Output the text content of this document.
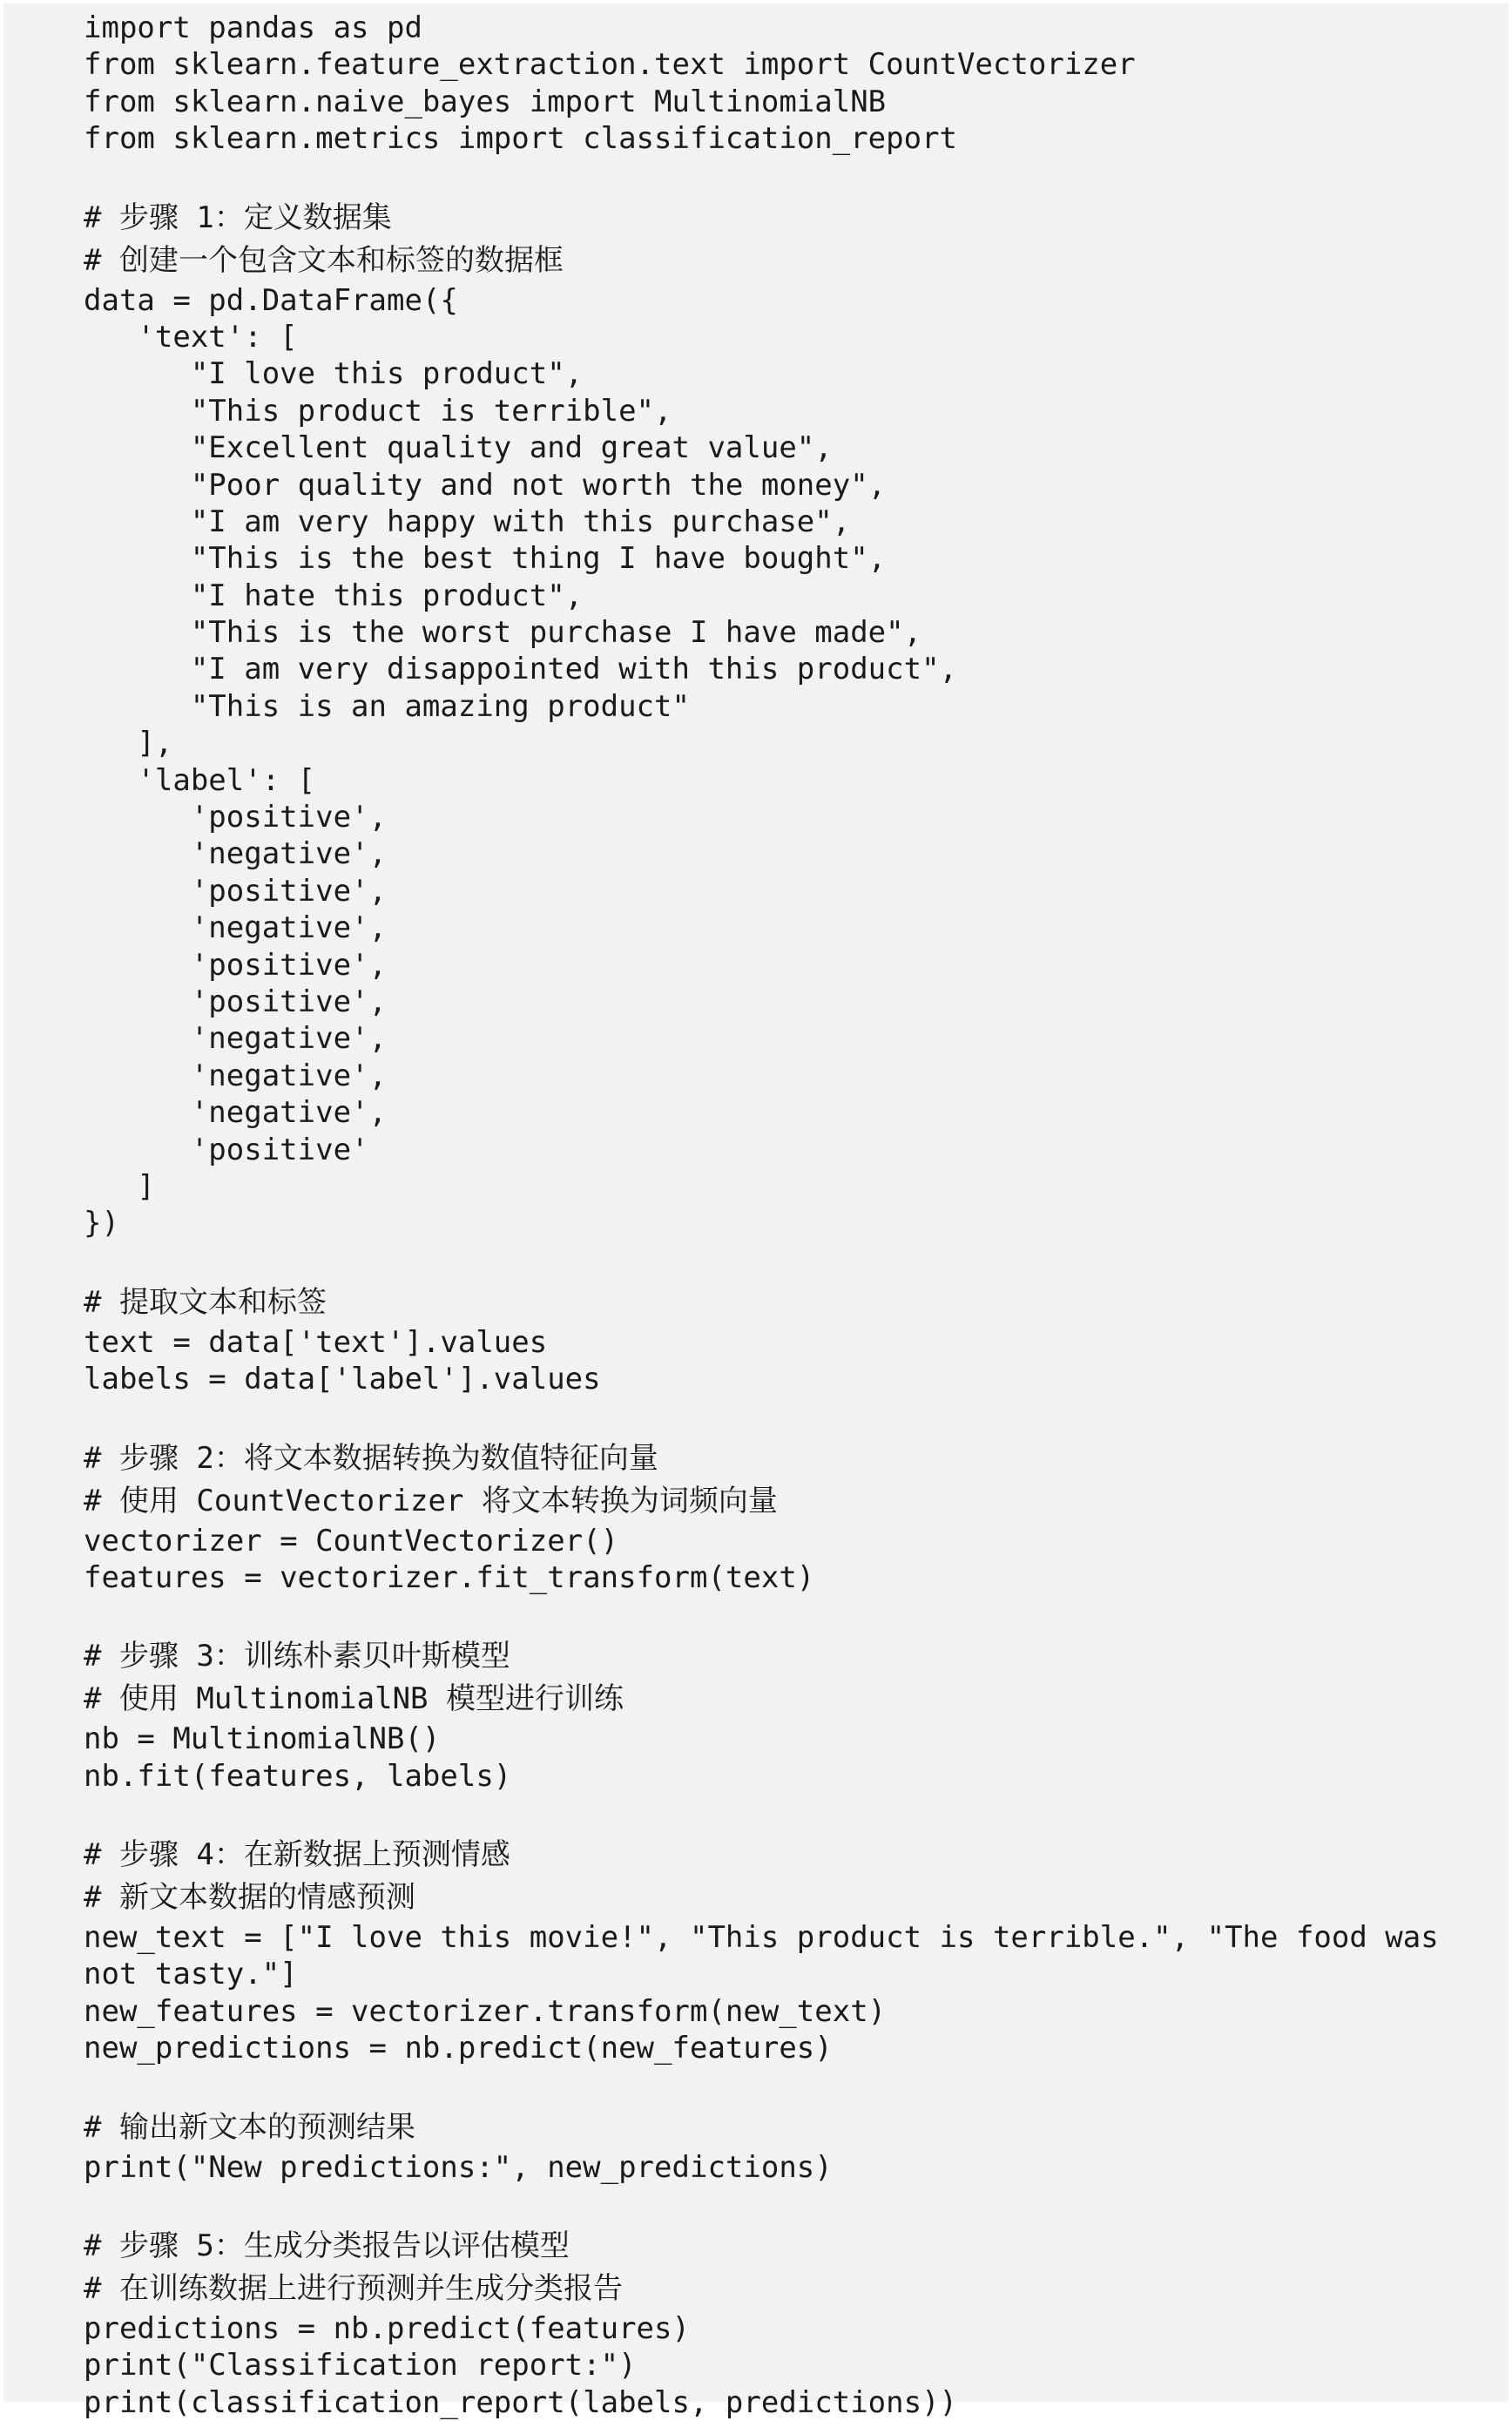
import pandas as pd
from sklearn.feature_extraction.text import CountVectorizer
from sklearn.naive_bayes import MultinomialNB
from sklearn.metrics import classification_report
# 步骤 1：定义数据集
# 创建一个包含文本和标签的数据框
data = pd.DataFrame({
'text': [
"I love this product",
"This product is terrible",
"Excellent quality and great value",
"Poor quality and not worth the money",
"I am very happy with this purchase",
"This is the best thing I have bought",
"I hate this product",
"This is the worst purchase I have made",
"I am very disappointed with this product",
"This is an amazing product"
],
'label': [
'positive',
'negative',
'positive',
'negative',
'positive',
'positive',
'negative',
'negative',
'negative',
'positive'
]
})
# 提取文本和标签
text = data['text'].values
labels = data['label'].values
# 步骤 2：将文本数据转换为数值特征向量
# 使用 CountVectorizer 将文本转换为词频向量
vectorizer = CountVectorizer()
features = vectorizer.fit_transform(text)
# 步骤 3：训练朴素贝叶斯模型
# 使用 MultinomialNB 模型进行训练
nb = MultinomialNB()
nb.fit(features, labels)
# 步骤 4：在新数据上预测情感
# 新文本数据的情感预测
new_text = ["I love this movie!", "This product is terrible.", "The food was
not tasty."]
new_features = vectorizer.transform(new_text)
new_predictions = nb.predict(new_features)
# 输出新文本的预测结果
print("New predictions:", new_predictions)
# 步骤 5：生成分类报告以评估模型
# 在训练数据上进行预测并生成分类报告
predictions = nb.predict(features)
print("Classification report:")
print(classification_report(labels, predictions))
